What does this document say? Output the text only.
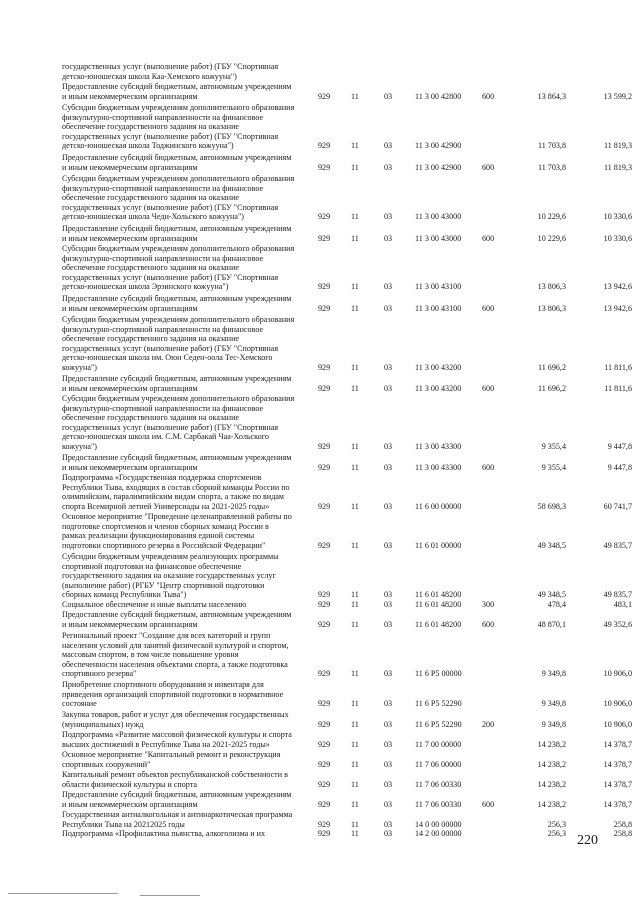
государственных услуг (выполнение работ) (ГБУ "Спортивная
детско-юношеская школа Каа-Хемского кожууна")
Предоставление субсидий бюджетным, автономным учреждениям
и иным некоммерческим организациям	929	11	03	11 3 00 42800	600	13 864,3	13 599,2
Субсидии бюджетным учреждениям дополнительного образования
физкультурно-спортивной направленности на финансовое
обеспечение государственного задания на оказание
государственных услуг (выполнение работ) (ГБУ "Спортивная
детско-юношеская школа Тоджинского кожууна")	929	11	03	11 3 00 42900	11 703,8	11 819,3
Предоставление субсидий бюджетным, автономным учреждениям
и иным некоммерческим организациям	929	11	03	11 3 00 42900	600	11 703,8	11 819,3
Субсидии бюджетным учреждениям дополнительного образования
физкультурно-спортивной направленности на финансовое
обеспечение государственного задания на оказание
государственных услуг (выполнение работ) (ГБУ "Спортивная
детско-юношеская школа Чеди-Хольского кожууна")	929	11	03	11 3 00 43000	10 229,6	10 330,6
Предоставление субсидий бюджетным, автономным учреждениям
и иным некоммерческим организациям	929	11	03	11 3 00 43000	600	10 229,6	10 330,6
Субсидии бюджетным учреждениям дополнительного образования
физкультурно-спортивной направленности на финансовое
обеспечение государственного задания на оказание
государственных услуг (выполнение работ) (ГБУ "Спортивная
детско-юношеская школа Эрзинского кожууна")	929	11	03	11 3 00 43100	13 806,3	13 942,6
Предоставление субсидий бюджетным, автономным учреждениям
и иным некоммерческим организациям	929	11	03	11 3 00 43100	600	13 806,3	13 942,6
Субсидии бюджетным учреждениям дополнительного образования
физкультурно-спортивной направленности на финансовое
обеспечение государственного задания на оказание
государственных услуг (выполнение работ) (ГБУ "Спортивная
детско-юношеская школа им. Оюн Седен-оола Тес-Хемского
кожууна")	929	11	03	11 3 00 43200	11 696,2	11 811,6
Предоставление субсидий бюджетным, автономным учреждениям
и иным некоммерческим организациям	929	11	03	11 3 00 43200	600	11 696,2	11 811,6
Субсидии бюджетным учреждениям дополнительного образования
физкультурно-спортивной направленности на финансовое
обеспечение государственного задания на оказание
государственных услуг (выполнение работ) (ГБУ "Спортивная
детско-юношеская школа им. С.М. Сарбакай Чаа-Хольского
кожууна")	929	11	03	11 3 00 43300	9 355,4	9 447,8
Предоставление субсидий бюджетным, автономным учреждениям
и иным некоммерческим организациям	929	11	03	11 3 00 43300	600	9 355,4	9 447,8
Подпрограмма «Государственная поддержка спортсменов
Республики Тыва, входящих в состав сборной команды России по
олимпийским, паралимпийским видам спорта, а также по видам
спорта Всемирной летней Универсиады на 2021-2025 годы»	929	11	03	11 6 00 00000	58 698,3	60 741,7
Основное мероприятие "Проведение целенаправленной работы по
подготовке спортсменов и членов сборных команд России в
рамках реализации функционирования единой системы
подготовки спортивного резерва в Российской Федерации"	929	11	03	11 6 01 00000	49 348,5	49 835,7
Субсидии бюджетным учреждениям реализующих программы
спортивной подготовки на финансовое обеспечение
государственного задания на оказание государственных услуг
(выполнение работ) (РГБУ "Центр спортивной подготовки
сборных команд Республики Тыва")	929	11	03	11 6 01 48200	49 348,5	49 835,7
Социальное обеспечение и иные выплаты населению	929	11	03	11 6 01 48200	300	478,4	483,1
Предоставление субсидий бюджетным, автономным учреждениям
и иным некоммерческим организациям	929	11	03	11 6 01 48200	600	48 870,1	49 352,6
Региональный проект "Создание для всех категорий и групп
населения условий для занятий физической культурой и спортом,
массовым спортом, в том числе повышение уровня
обеспеченности населения объектами спорта, а также подготовка
спортивного резерва"	929	11	03	11 6 P5 00000	9 349,8	10 906,0
Приобретение спортивного оборудования и инвентаря для
приведения организаций спортивной подготовки в нормативное
состояние	929	11	03	11 6 P5 52290	9 349,8	10 906,0
Закупка товаров, работ и услуг для обеспечения государственных
(муниципальных) нужд	929	11	03	11 6 P5 52290	200	9 349,8	10 906,0
Подпрограмма «Развитие массовой физической культуры и спорта
высших достижений в Республике Тыва на 2021-2025 годы»	929	11	03	11 7 00 00000	14 238,2	14 378,7
Основное мероприятие "Капитальный ремонт и реконструкция
спортивных сооружений"	929	11	03	11 7 06 00000	14 238,2	14 378,7
Капитальный ремонт объектов республиканской собственности в
области физической культуры и спорта	929	11	03	11 7 06 00330	14 238,2	14 378,7
Предоставление субсидий бюджетным, автономным учреждениям
и иным некоммерческим организациям	929	11	03	11 7 06 00330	600	14 238,2	14 378,7
Государственная антиалкогольная и антинаркотическая программа
Республики Тыва на 20212025 годы	929	11	03	14 0 00 00000	256,3	258,8
Подпрограмма «Профилактика пьянства, алкоголизма и их	929	11	03	14 2 00 00000	256,3	258,8
220
